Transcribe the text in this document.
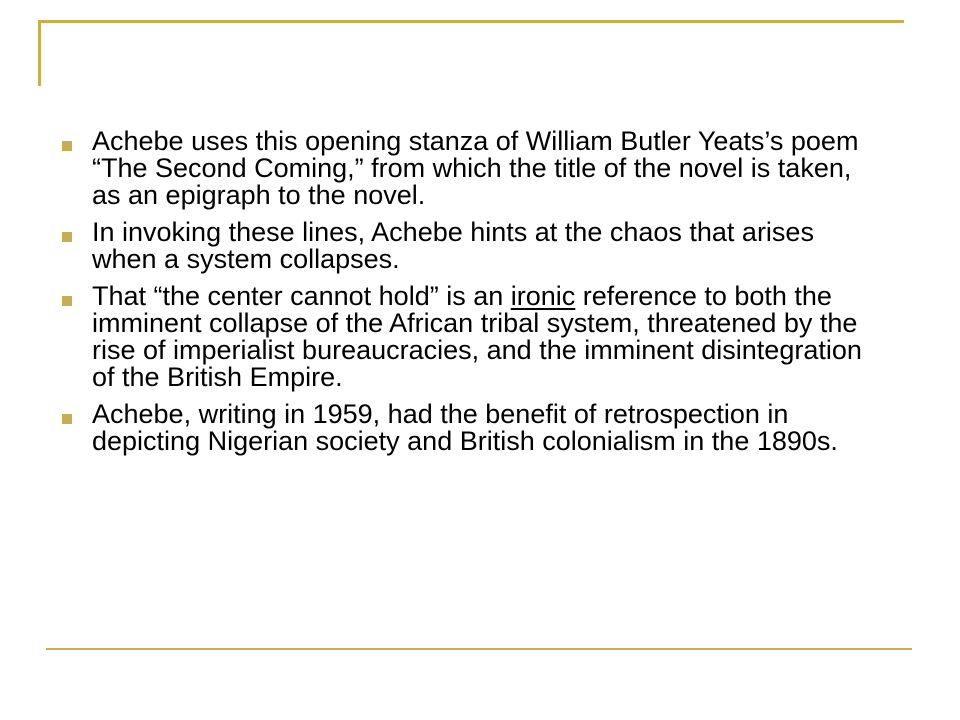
Achebe uses this opening stanza of William Butler Yeats’s poem “The Second Coming,” from which the title of the novel is taken, as an epigraph to the novel.
In invoking these lines, Achebe hints at the chaos that arises when a system collapses.
That “the center cannot hold” is an ironic reference to both the imminent collapse of the African tribal system, threatened by the rise of imperialist bureaucracies, and the imminent disintegration of the British Empire.
Achebe, writing in 1959, had the benefit of retrospection in depicting Nigerian society and British colonialism in the 1890s.
